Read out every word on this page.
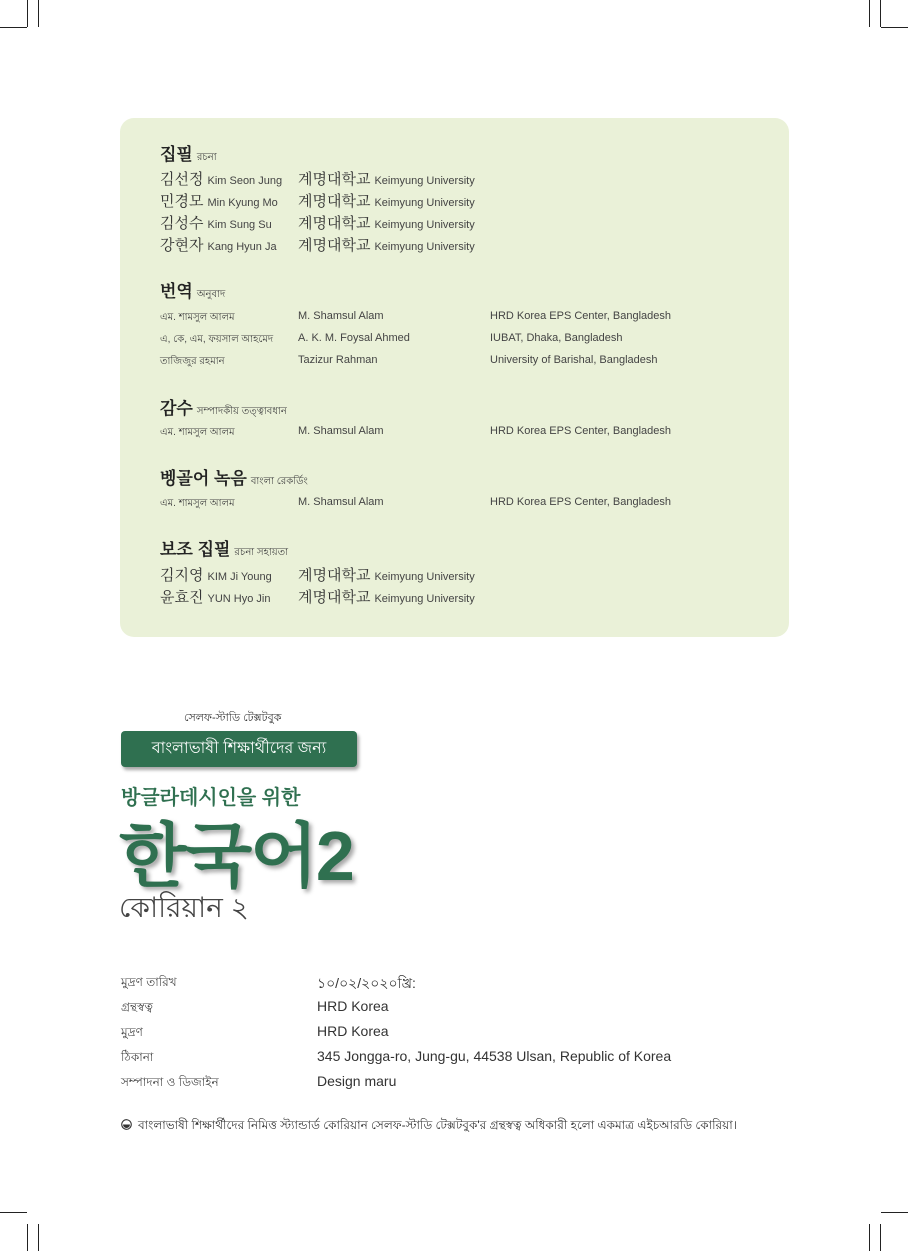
집필 রচনা
김선정 Kim Seon Jung 계명대학교 Keimyung University
민경모 Min Kyung Mo 계명대학교 Keimyung University
김성수 Kim Sung Su 계명대학교 Keimyung University
강현자 Kang Hyun Ja 계명대학교 Keimyung University
번역 অনুবাদ
এম. শামসুল আলম	M. Shamsul Alam	HRD Korea EPS Center, Bangladesh
এ, কে, এম, ফয়সাল আহমেদ A. K. M. Foysal Ahmed	IUBAT, Dhaka, Bangladesh
তাজিজুর রহমান	Tazizur Rahman	University of Barishal, Bangladesh
감수 সম্পাদকীয় তত্ত্বাবধান
এম. শামসুল আলম	M. Shamsul Alam	HRD Korea EPS Center, Bangladesh
벵골어 녹음 বাংলা রেকর্ডিং
এম. শামসুল আলম	M. Shamsul Alam	HRD Korea EPS Center, Bangladesh
보조 집필 রচনা সহায়তা
김지영 KIM Ji Young 계명대학교 Keimyung University
윤효진 YUN Hyo Jin 계명대학교 Keimyung University
সেলফ-স্টাডি টেক্সটবুক
বাংলাভাষী শিক্ষার্থীদের জন্য
방글라데시인을 위한
한국어2
কোরিয়ান ২
মুদ্রণ তারিখ	১০/০২/২০২০খ্রি:
গ্রন্থস্বত্ব	HRD Korea
মুদ্রণ	HRD Korea
ঠিকানা	345 Jongga-ro, Jung-gu, 44538 Ulsan, Republic of Korea
সম্পাদনা ও ডিজাইন	Design maru
বাংলাভাষী শিক্ষার্থীদের নিমিত্ত স্ট্যান্ডার্ড কোরিয়ান সেলফ-স্টাডি টেক্সটবুক'র গ্রন্থস্বত্ব অধিকারী হলো একমাত্র এইচআরডি কোরিয়া।
